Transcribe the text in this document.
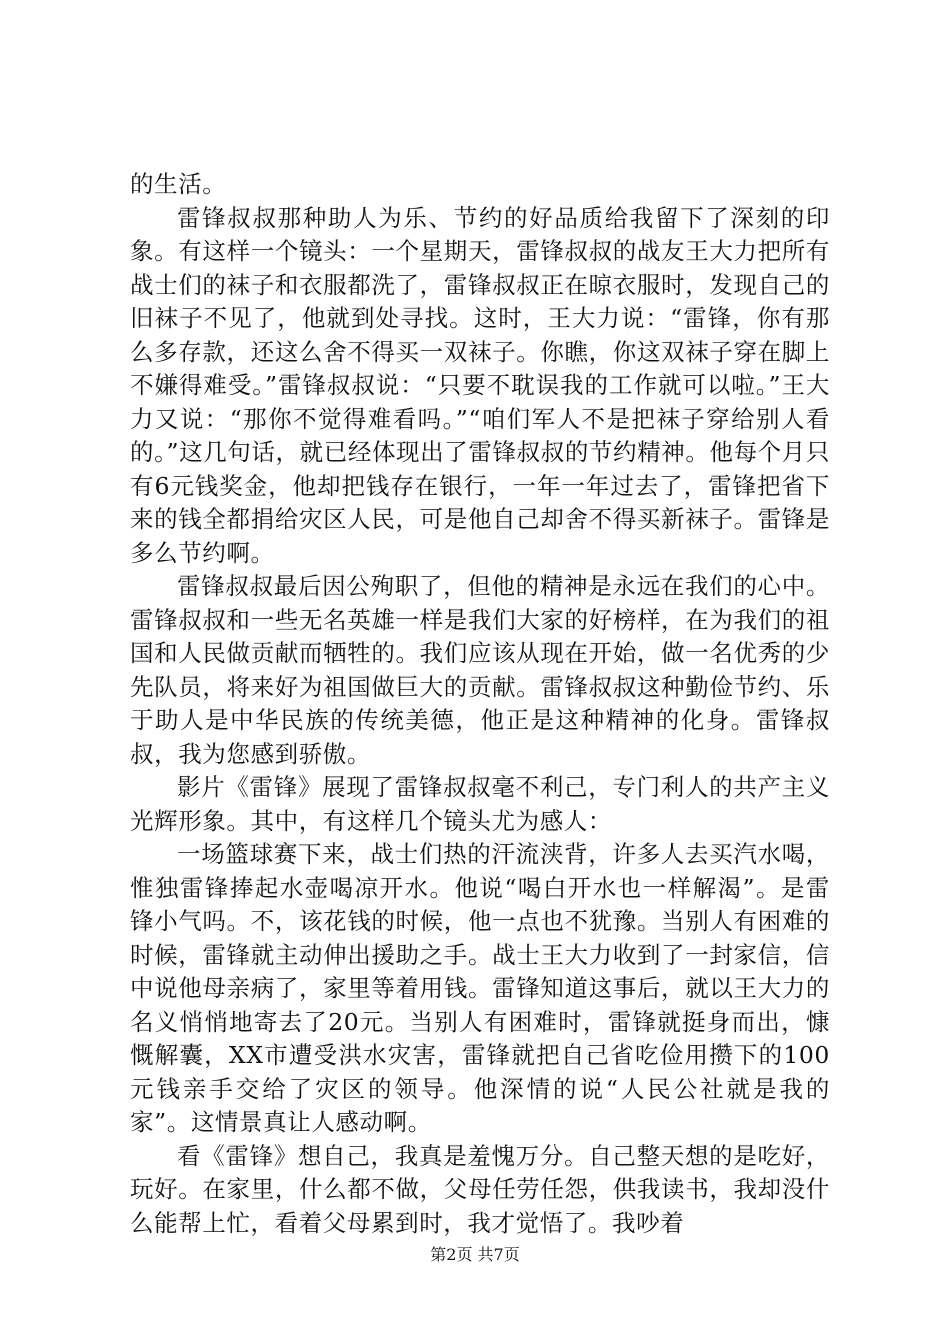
的生活。

雷锋叔叔那种助人为乐、节约的好品质给我留下了深刻的印象。有这样一个镜头：一个星期天，雷锋叔叔的战友王大力把所有战士们的袜子和衣服都洗了，雷锋叔叔正在晾衣服时，发现自己的旧袜子不见了，他就到处寻找。这时，王大力说：“雷锋，你有那么多存款，还这么舍不得买一双袜子。你瞧，你这双袜子穿在脚上不嫌得难受。”雷锋叔叔说：“只要不耽误我的工作就可以啦。”王大力又说：“那你不觉得难看吗。”“咱们军人不是把袜子穿给别人看的。”这几句话，就已经体现出了雷锋叔叔的节约精神。他每个月只有6元钱奖金，他却把钱存在银行，一年一年过去了，雷锋把省下来的钱全都捐给灾区人民，可是他自己却舍不得买新袜子。雷锋是多么节约啊。

雷锋叔叔最后因公殉职了，但他的精神是永远在我们的心中。雷锋叔叔和一些无名英雄一样是我们大家的好榜样，在为我们的祖国和人民做贡献而牺牲的。我们应该从现在开始，做一名优秀的少先队员，将来好为祖国做巨大的贡献。雷锋叔叔这种勤俭节约、乐于助人是中华民族的传统美德，他正是这种精神的化身。雷锋叔叔，我为您感到骄傲。

影片《雷锋》展现了雷锋叔叔毫不利己，专门利人的共产主义光辉形象。其中，有这样几个镜头尤为感人：

一场篮球赛下来，战士们热的汗流浃背，许多人去买汽水喝，惟独雷锋捧起水壶喝凉开水。他说“喝白开水也一样解渴”。是雷锋小气吗。不，该花钱的时候，他一点也不犹豫。当别人有困难的时候，雷锋就主动伸出援助之手。战士王大力收到了一封家信，信中说他母亲病了，家里等着用钱。雷锋知道这事后，就以王大力的名义悄悄地寄去了20元。当别人有困难时，雷锋就挺身而出，慷慨解囊，XX市遭受洪水灾害，雷锋就把自己省吃俭用攒下的100元钱亲手交给了灾区的领导。他深情的说“人民公社就是我的家”。这情景真让人感动啊。

看《雷锋》想自己，我真是羞愧万分。自己整天想的是吃好，玩好。在家里，什么都不做，父母任劳任怨，供我读书，我却没什么能帮上忙，看着父母累到时，我才觉悟了。我吵着

第2页 共7页
